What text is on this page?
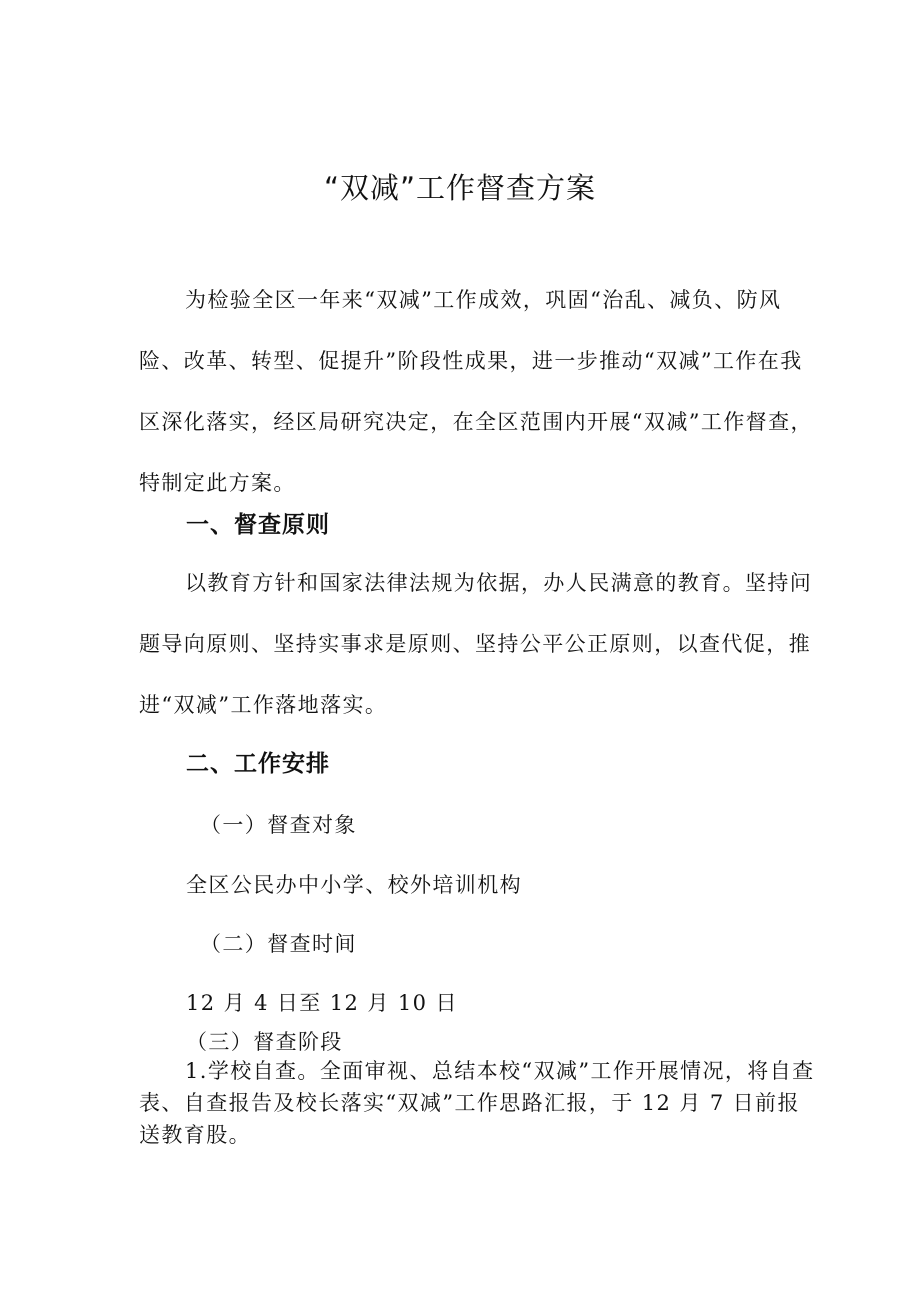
“双减”工作督查方案

为检验全区一年来“双减”工作成效，巩固“治乱、减负、防风险、改革、转型、促提升”阶段性成果，进一步推动“双减”工作在我区深化落实，经区局研究决定，在全区范围内开展“双减”工作督查，特制定此方案。

一、督查原则

以教育方针和国家法律法规为依据，办人民满意的教育。坚持问题导向原则、坚持实事求是原则、坚持公平公正原则，以查代促，推进“双减”工作落地落实。

二、工作安排

（一）督查对象

全区公民办中小学、校外培训机构

（二）督查时间

12 月 4 日至 12 月 10 日

（三）督查阶段

1.学校自查。全面审视、总结本校“双减”工作开展情况，将自查表、自查报告及校长落实“双减”工作思路汇报，于 12 月 7 日前报送教育股。
